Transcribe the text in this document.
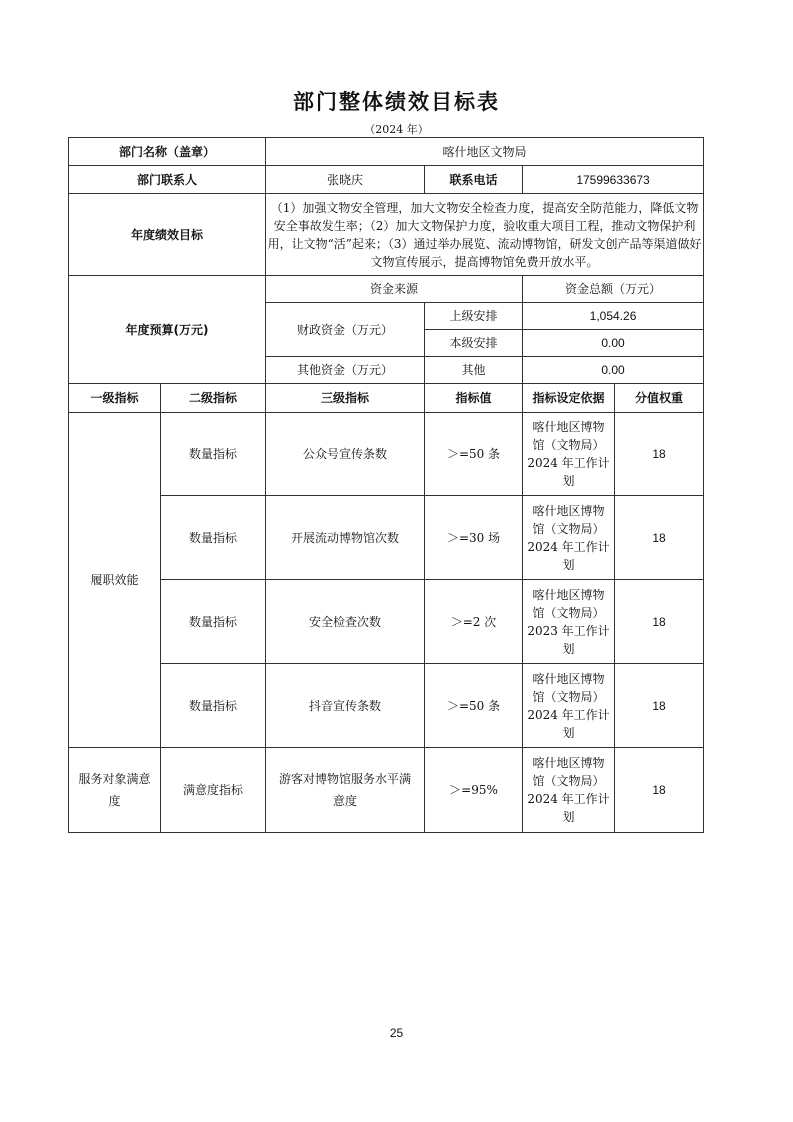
部门整体绩效目标表
（2024 年）
部门名称（盖章）		喀什地区文物局			
部门联系人		张晓庆	联系电话	17599633673	
年度绩效目标		（1）加强文物安全管理，加大文物安全检查力度，提高安全防范能力，降低文物安全事故发生率；（2）加大文物保护力度，验收重大项目工程，推动文物保护利用，让文物“活”起来；（3）通过举办展览、流动博物馆，研发文创产品等渠道做好文物宣传展示，提高博物馆免费开放水平。			
年度预算(万元)		资金来源		资金总额（万元）	
		财政资金（万元）	上级安排	1,054.26	
			本级安排	0.00	
		其他资金（万元）	其他	0.00	
一级指标	二级指标	三级指标	指标值	指标设定依据	分值权重
履职效能	数量指标	公众号宣传条数	＞=50 条	喀什地区博物
馆（文物局）
2024 年工作计
划	18
	数量指标	开展流动博物馆次数	＞=30 场	喀什地区博物
馆（文物局）
2024 年工作计
划	18
	数量指标	安全检查次数	＞=2 次	喀什地区博物
馆（文物局）
2023 年工作计
划	18
	数量指标	抖音宣传条数	＞=50 条	喀什地区博物
馆（文物局）
2024 年工作计
划	18
服务对象满意度	满意度指标	游客对博物馆服务水平满意度	＞=95%	喀什地区博物
馆（文物局）
2024 年工作计
划	18
25
